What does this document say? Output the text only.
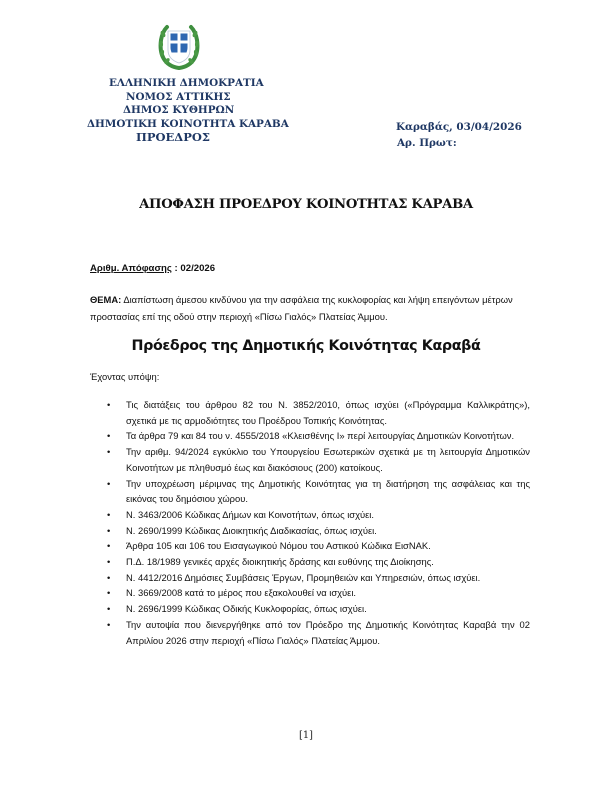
ΕΛΛΗΝΙΚΗ ΔΗΜΟΚΡΑΤΙΑ
ΝΟΜΟΣ ΑΤΤΙΚΗΣ
ΔΗΜΟΣ ΚΥΘΗΡΩΝ
ΔΗΜΟΤΙΚΗ ΚΟΙΝΟΤΗΤΑ ΚΑΡΑΒΑ
ΠΡΟΕΔΡΟΣ
Καραβάς, 03/04/2026
Αρ. Πρωτ:
ΑΠΟΦΑΣΗ ΠΡΟΕΔΡΟΥ ΚΟΙΝΟΤΗΤΑΣ ΚΑΡΑΒΑ
Αριθμ. Απόφασης : 02/2026
ΘΕΜΑ: Διαπίστωση άμεσου κινδύνου για την ασφάλεια της κυκλοφορίας και λήψη επειγόντων μέτρων προστασίας επί της οδού στην περιοχή «Πίσω Γιαλός» Πλατείας Άμμου.
Πρόεδρος της Δημοτικής Κοινότητας Καραβά
Έχοντας υπόψη:
• Τις διατάξεις του άρθρου 82 του Ν. 3852/2010, όπως ισχύει («Πρόγραμμα Καλλικράτης»), σχετικά με τις αρμοδιότητες του Προέδρου Τοπικής Κοινότητας.
• Τα άρθρα 79 και 84 του ν. 4555/2018 «Κλεισθένης Ι» περί λειτουργίας Δημοτικών Κοινοτήτων.
• Την αριθμ. 94/2024 εγκύκλιο του Υπουργείου Εσωτερικών σχετικά με τη λειτουργία Δημοτικών Κοινοτήτων με πληθυσμό έως και διακόσιους (200) κατοίκους.
• Την υποχρέωση μέριμνας της Δημοτικής Κοινότητας για τη διατήρηση της ασφάλειας και της εικόνας του δημόσιου χώρου.
• Ν. 3463/2006 Κώδικας Δήμων και Κοινοτήτων, όπως ισχύει.
• Ν. 2690/1999 Κώδικας Διοικητικής Διαδικασίας, όπως ισχύει.
• Άρθρα 105 και 106 του Εισαγωγικού Νόμου του Αστικού Κώδικα ΕισΝΑΚ.
• Π.Δ. 18/1989 γενικές αρχές διοικητικής δράσης και ευθύνης της Διοίκησης.
• Ν. 4412/2016 Δημόσιες Συμβάσεις Έργων, Προμηθειών και Υπηρεσιών, όπως ισχύει.
• Ν. 3669/2008 κατά το μέρος που εξακολουθεί να ισχύει.
• Ν. 2696/1999 Κώδικας Οδικής Κυκλοφορίας, όπως ισχύει.
• Την αυτοψία που διενεργήθηκε από τον Πρόεδρο της Δημοτικής Κοινότητας Καραβά την 02 Απριλίου 2026 στην περιοχή «Πίσω Γιαλός» Πλατείας Άμμου.
[1]
